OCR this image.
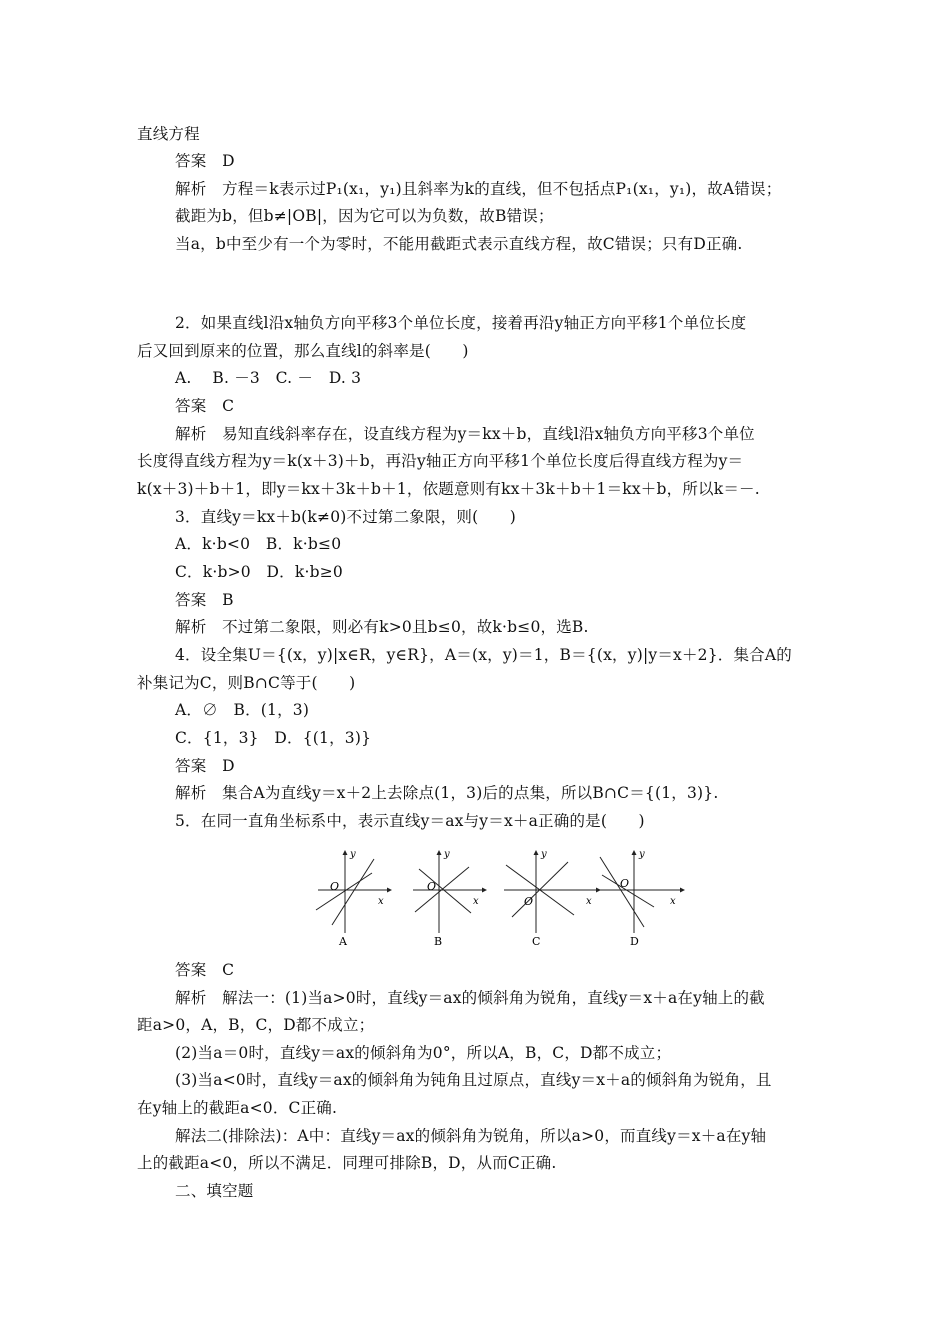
直线方程
答案　D
解析　方程＝k表示过P₁(x₁，y₁)且斜率为k的直线，但不包括点P₁(x₁，y₁)，故A错误；
截距为b，但b≠|OB|，因为它可以为负数，故B错误；
当a，b中至少有一个为零时，不能用截距式表示直线方程，故C错误；只有D正确.
2．如果直线l沿x轴负方向平移3个单位长度，接着再沿y轴正方向平移1个单位长度
后又回到原来的位置，那么直线l的斜率是(　　)
A.　 B. －3　C. －　D. 3
答案　C
解析　易知直线斜率存在，设直线方程为y＝kx＋b，直线l沿x轴负方向平移3个单位
长度得直线方程为y＝k(x＋3)＋b，再沿y轴正方向平移1个单位长度后得直线方程为y＝
k(x＋3)＋b＋1，即y＝kx＋3k＋b＋1，依题意则有kx＋3k＋b＋1＝kx＋b，所以k＝－.
3．直线y＝kx＋b(k≠0)不过第二象限，则(　　)
A．k·b<0　B．k·b≤0
C．k·b>0　D．k·b≥0
答案　B
解析　不过第二象限，则必有k>0且b≤0，故k·b≤0，选B.
4．设全集U＝{(x，y)|x∈R，y∈R}，A＝(x，y)＝1，B＝{(x，y)|y＝x＋2}．集合A的
补集记为C，则B∩C等于(　　)
A．∅　B．(1，3)
C．{1，3}　D．{(1，3)}
答案　D
解析　集合A为直线y＝x＋2上去除点(1，3)后的点集，所以B∩C＝{(1，3)}.
5．在同一直角坐标系中，表示直线y＝ax与y＝x＋a正确的是(　　)
y
x
O
A
y
x
O
B
y
x
O
C
y
x
O
D
答案　C
解析　解法一：(1)当a>0时，直线y＝ax的倾斜角为锐角，直线y＝x＋a在y轴上的截
距a>0，A，B，C，D都不成立；
(2)当a＝0时，直线y＝ax的倾斜角为0°，所以A，B，C，D都不成立；
(3)当a<0时，直线y＝ax的倾斜角为钝角且过原点，直线y＝x＋a的倾斜角为锐角，且
在y轴上的截距a<0．C正确.
解法二(排除法)：A中：直线y＝ax的倾斜角为锐角，所以a>0，而直线y＝x＋a在y轴
上的截距a<0，所以不满足．同理可排除B，D，从而C正确.
二、填空题
